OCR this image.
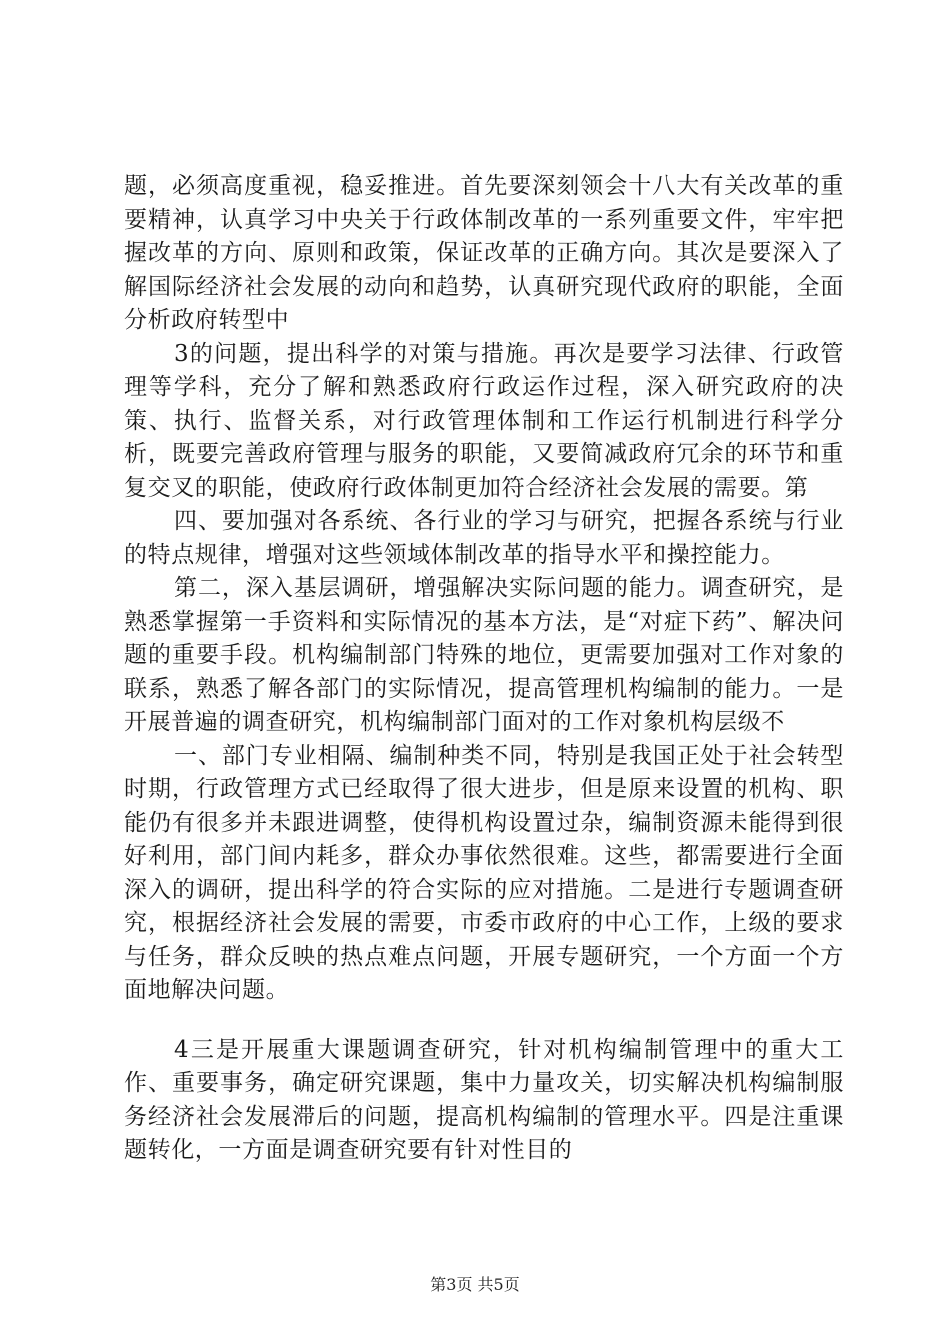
题，必须高度重视，稳妥推进。首先要深刻领会十八大有关改革的重要精神，认真学习中央关于行政体制改革的一系列重要文件，牢牢把握改革的方向、原则和政策，保证改革的正确方向。其次是要深入了解国际经济社会发展的动向和趋势，认真研究现代政府的职能，全面分析政府转型中

3的问题，提出科学的对策与措施。再次是要学习法律、行政管理等学科，充分了解和熟悉政府行政运作过程，深入研究政府的决策、执行、监督关系，对行政管理体制和工作运行机制进行科学分析，既要完善政府管理与服务的职能，又要简减政府冗余的环节和重复交叉的职能，使政府行政体制更加符合经济社会发展的需要。第

四、要加强对各系统、各行业的学习与研究，把握各系统与行业的特点规律，增强对这些领域体制改革的指导水平和操控能力。

第二，深入基层调研，增强解决实际问题的能力。调查研究，是熟悉掌握第一手资料和实际情况的基本方法，是“对症下药”、解决问题的重要手段。机构编制部门特殊的地位，更需要加强对工作对象的联系，熟悉了解各部门的实际情况，提高管理机构编制的能力。一是开展普遍的调查研究，机构编制部门面对的工作对象机构层级不

一、部门专业相隔、编制种类不同，特别是我国正处于社会转型时期，行政管理方式已经取得了很大进步，但是原来设置的机构、职能仍有很多并未跟进调整，使得机构设置过杂，编制资源未能得到很好利用，部门间内耗多，群众办事依然很难。这些，都需要进行全面深入的调研，提出科学的符合实际的应对措施。二是进行专题调查研究，根据经济社会发展的需要，市委市政府的中心工作，上级的要求与任务，群众反映的热点难点问题，开展专题研究，一个方面一个方面地解决问题。

4三是开展重大课题调查研究，针对机构编制管理中的重大工作、重要事务，确定研究课题，集中力量攻关，切实解决机构编制服务经济社会发展滞后的问题，提高机构编制的管理水平。四是注重课题转化，一方面是调查研究要有针对性目的

第3页 共5页
